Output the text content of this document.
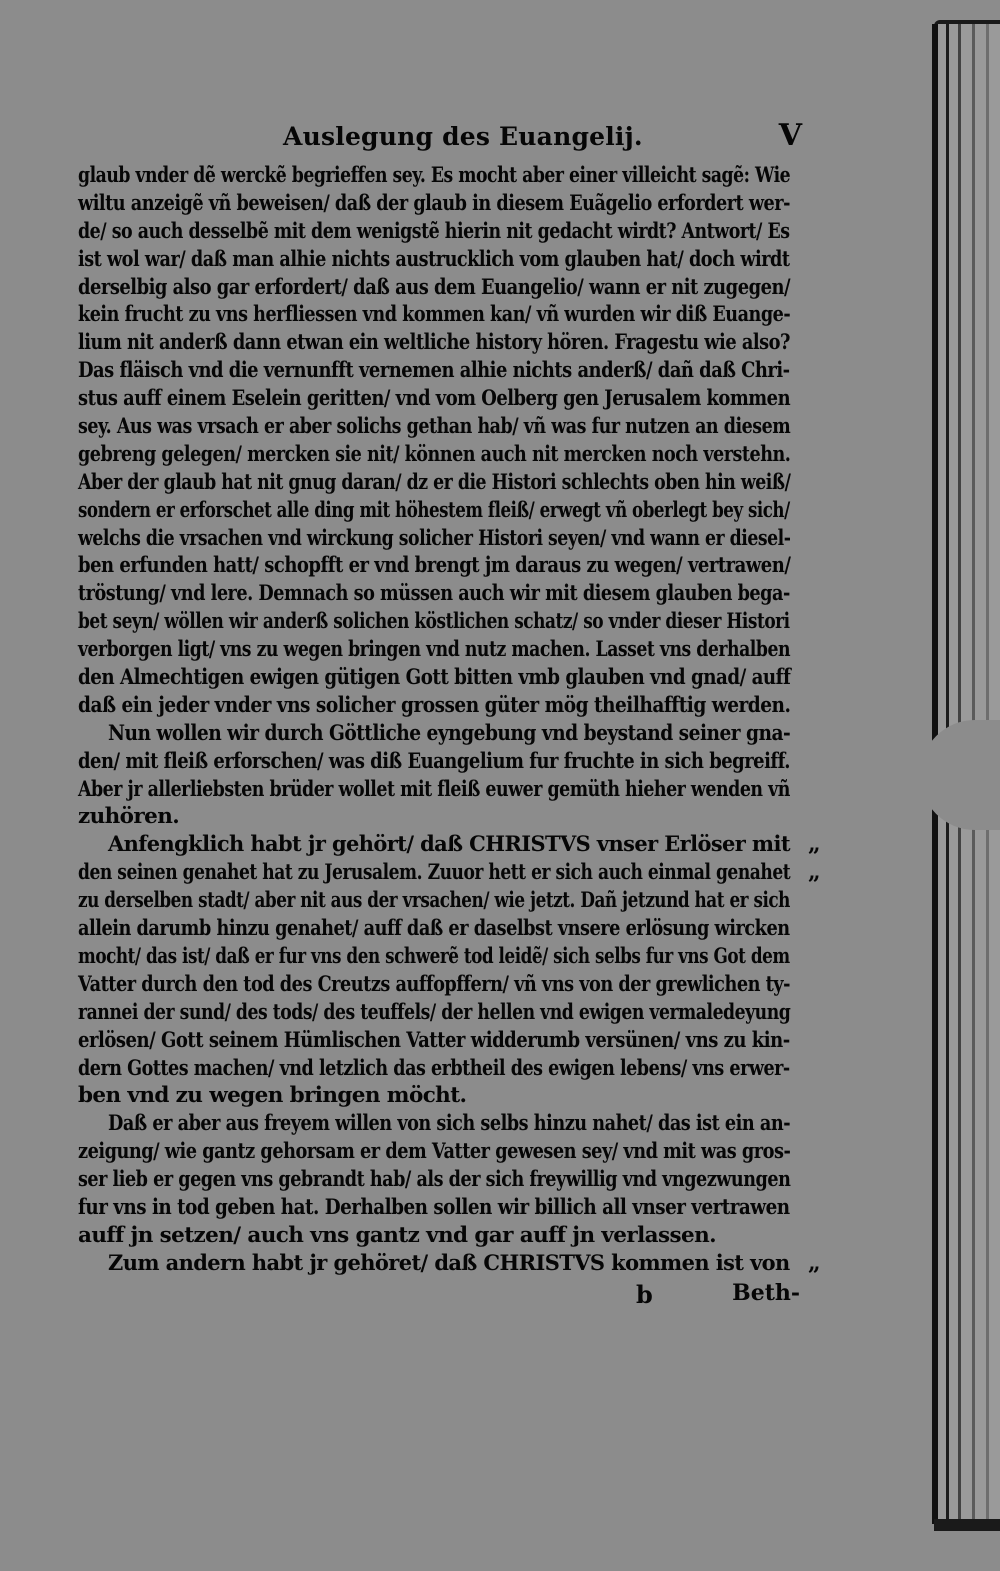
Auslegung des Euangelij.	V
glaub vnder dẽ werckẽ begrieffen sey. Es mocht aber einer villeicht sagẽ: Wie
wiltu anzeigẽ vñ beweisen/ daß der glaub in diesem Euãgelio erfordert wer-
de/ so auch desselbẽ mit dem wenigstẽ hierin nit gedacht wirdt? Antwort/ Es
ist wol war/ daß man alhie nichts austrucklich vom glauben hat/ doch wirdt
derselbig also gar erfordert/ daß aus dem Euangelio/ wann er nit zugegen/
kein frucht zu vns herfliessen vnd kommen kan/ vñ wurden wir diß Euange-
lium nit anderß dann etwan ein weltliche history hören. Fragestu wie also?
Das fläisch vnd die vernunfft vernemen alhie nichts anderß/ dañ daß Chri-
stus auff einem Eselein geritten/ vnd vom Oelberg gen Jerusalem kommen
sey. Aus was vrsach er aber solichs gethan hab/ vñ was fur nutzen an diesem
gebreng gelegen/ mercken sie nit/ können auch nit mercken noch verstehn.
Aber der glaub hat nit gnug daran/ dz er die Histori schlechts oben hin weiß/
sondern er erforschet alle ding mit höhestem fleiß/ erwegt vñ oberlegt bey sich/
welchs die vrsachen vnd wirckung solicher Histori seyen/ vnd wann er diesel-
ben erfunden hatt/ schopfft er vnd brengt jm daraus zu wegen/ vertrawen/
tröstung/ vnd lere. Demnach so müssen auch wir mit diesem glauben bega-
bet seyn/ wöllen wir anderß solichen köstlichen schatz/ so vnder dieser Histori
verborgen ligt/ vns zu wegen bringen vnd nutz machen. Lasset vns derhalben
den Almechtigen ewigen gütigen Gott bitten vmb glauben vnd gnad/ auff
daß ein jeder vnder vns solicher grossen güter mög theilhafftig werden.
Nun wollen wir durch Göttliche eyngebung vnd beystand seiner gna-
den/ mit fleiß erforschen/ was diß Euangelium fur fruchte in sich begreiff.
Aber jr allerliebsten brüder wollet mit fleiß euwer gemüth hieher wenden vñ
zuhören.
Anfengklich habt jr gehört/ daß CHRISTVS vnser Erlöser mit „
den seinen genahet hat zu Jerusalem. Zuuor hett er sich auch einmal genahet „
zu derselben stadt/ aber nit aus der vrsachen/ wie jetzt. Dañ jetzund hat er sich
allein darumb hinzu genahet/ auff daß er daselbst vnsere erlösung wircken
mocht/ das ist/ daß er fur vns den schwerẽ tod leidẽ/ sich selbs fur vns Got dem
Vatter durch den tod des Creutzs auffopffern/ vñ vns von der grewlichen ty-
rannei der sund/ des tods/ des teuffels/ der hellen vnd ewigen vermaledeyung
erlösen/ Gott seinem Hümlischen Vatter widderumb versünen/ vns zu kin-
dern Gottes machen/ vnd letzlich das erbtheil des ewigen lebens/ vns erwer-
ben vnd zu wegen bringen möcht.
Daß er aber aus freyem willen von sich selbs hinzu nahet/ das ist ein an-
zeigung/ wie gantz gehorsam er dem Vatter gewesen sey/ vnd mit was gros-
ser lieb er gegen vns gebrandt hab/ als der sich freywillig vnd vngezwungen
fur vns in tod geben hat. Derhalben sollen wir billich all vnser vertrawen
auff jn setzen/ auch vns gantz vnd gar auff jn verlassen.
Zum andern habt jr gehöret/ daß CHRISTVS kommen ist von „
b	Beth-
